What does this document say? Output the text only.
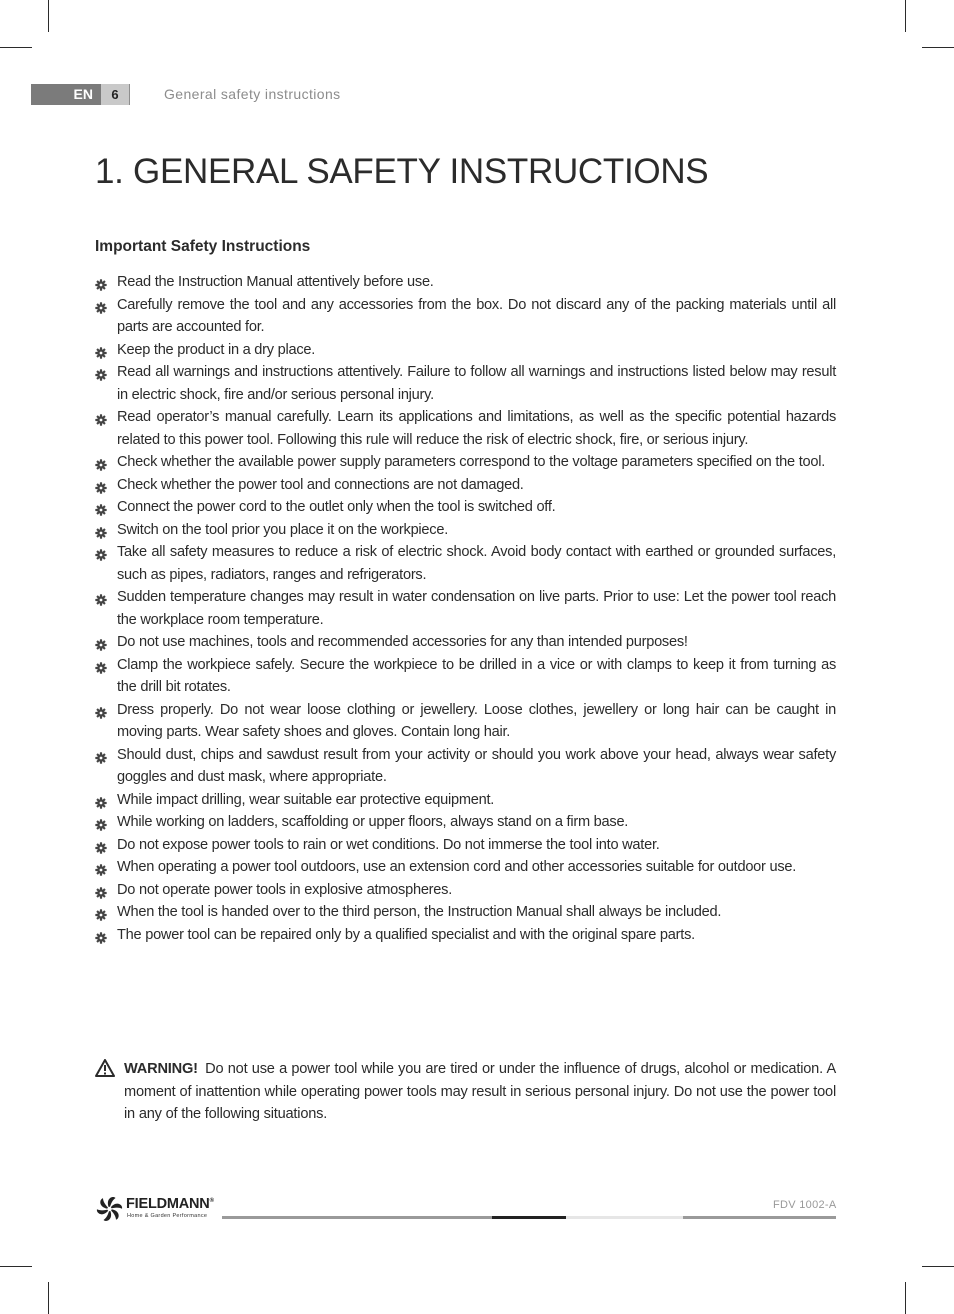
EN	6	General safety instructions
1. GENERAL SAFETY INSTRUCTIONS
Important Safety Instructions
Read the Instruction Manual attentively before use.
Carefully remove the tool and any accessories from the box. Do not discard any of the packing materials until all parts are accounted for.
Keep the product in a dry place.
Read all warnings and instructions attentively. Failure to follow all warnings and instructions listed below may result in electric shock, fire and/or serious personal injury.
Read operator’s manual carefully. Learn its applications and limitations, as well as the specific potential hazards related to this power tool. Following this rule will reduce the risk of electric shock, fire, or serious injury.
Check whether the available power supply parameters correspond to the voltage parameters specified on the tool.
Check whether the power tool and connections are not damaged.
Connect the power cord to the outlet only when the tool is switched off.
Switch on the tool prior you place it on the workpiece.
Take all safety measures to reduce a risk of electric shock. Avoid body contact with earthed or grounded surfaces, such as pipes, radiators, ranges and refrigerators.
Sudden temperature changes may result in water condensation on live parts. Prior to use: Let the power tool reach the workplace room temperature.
Do not use machines, tools and recommended accessories for any than intended purposes!
Clamp the workpiece safely. Secure the workpiece to be drilled in a vice or with clamps to keep it from turning as the drill bit rotates.
Dress properly. Do not wear loose clothing or jewellery. Loose clothes, jewellery or long hair can be caught in moving parts. Wear safety shoes and gloves. Contain long hair.
Should dust, chips and sawdust result from your activity or should you work above your head, always wear safety goggles and dust mask, where appropriate.
While impact drilling, wear suitable ear protective equipment.
While working on ladders, scaffolding or upper floors, always stand on a firm base.
Do not expose power tools to rain or wet conditions. Do not immerse the tool into water.
When operating a power tool outdoors, use an extension cord and other accessories suitable for outdoor use.
Do not operate power tools in explosive atmospheres.
When the tool is handed over to the third person, the Instruction Manual shall always be included.
The power tool can be repaired only by a qualified specialist and with the original spare parts.
WARNING! Do not use a power tool while you are tired or under the influence of drugs, alcohol or medication. A moment of inattention while operating power tools may result in serious personal injury. Do not use the power tool in any of the following situations.
FIELDMANN®
Home & Garden Performance
FDV 1002-A
